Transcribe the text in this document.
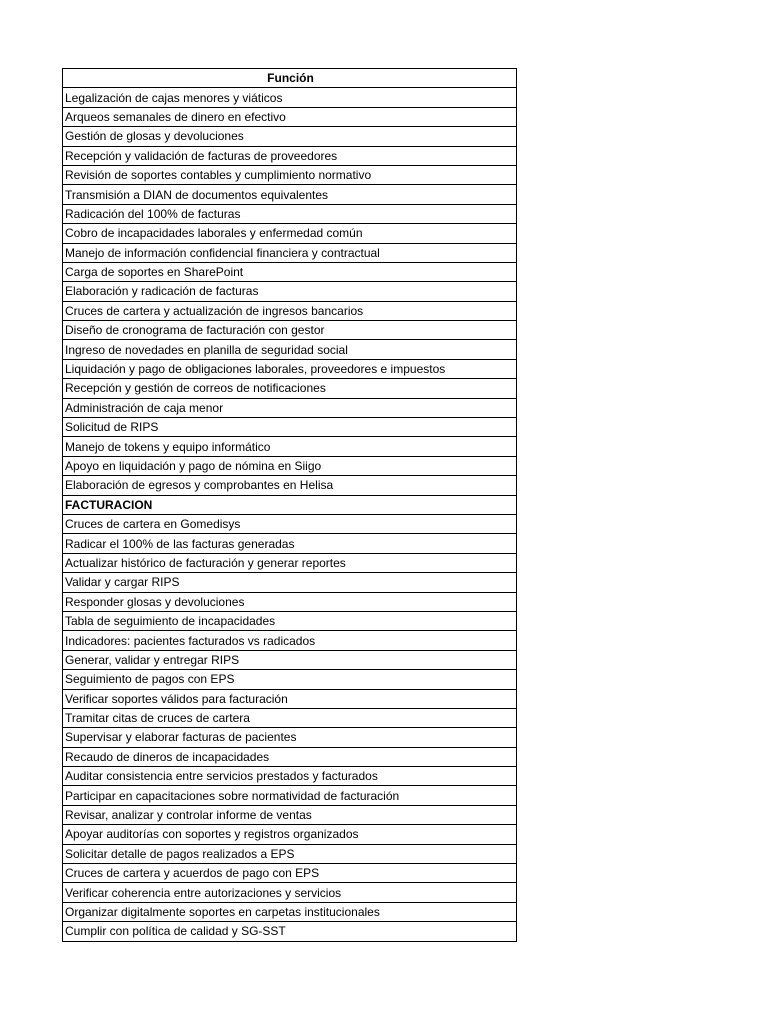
Función
Legalización de cajas menores y viáticos
Arqueos semanales de dinero en efectivo
Gestión de glosas y devoluciones
Recepción y validación de facturas de proveedores
Revisión de soportes contables y cumplimiento normativo
Transmisión a DIAN de documentos equivalentes
Radicación del 100% de facturas
Cobro de incapacidades laborales y enfermedad común
Manejo de información confidencial financiera y contractual
Carga de soportes en SharePoint
Elaboración y radicación de facturas
Cruces de cartera y actualización de ingresos bancarios
Diseño de cronograma de facturación con gestor
Ingreso de novedades en planilla de seguridad social
Liquidación y pago de obligaciones laborales, proveedores e impuestos
Recepción y gestión de correos de notificaciones
Administración de caja menor
Solicitud de RIPS
Manejo de tokens y equipo informático
Apoyo en liquidación y pago de nómina en Siigo
Elaboración de egresos y comprobantes en Helisa
FACTURACION
Cruces de cartera en Gomedisys
Radicar el 100% de las facturas generadas
Actualizar histórico de facturación y generar reportes
Validar y cargar RIPS
Responder glosas y devoluciones
Tabla de seguimiento de incapacidades
Indicadores: pacientes facturados vs radicados
Generar, validar y entregar RIPS
Seguimiento de pagos con EPS
Verificar soportes válidos para facturación
Tramitar citas de cruces de cartera
Supervisar y elaborar facturas de pacientes
Recaudo de dineros de incapacidades
Auditar consistencia entre servicios prestados y facturados
Participar en capacitaciones sobre normatividad de facturación
Revisar, analizar y controlar informe de ventas
Apoyar auditorías con soportes y registros organizados
Solicitar detalle de pagos realizados a EPS
Cruces de cartera y acuerdos de pago con EPS
Verificar coherencia entre autorizaciones y servicios
Organizar digitalmente soportes en carpetas institucionales
Cumplir con política de calidad y SG-SST
